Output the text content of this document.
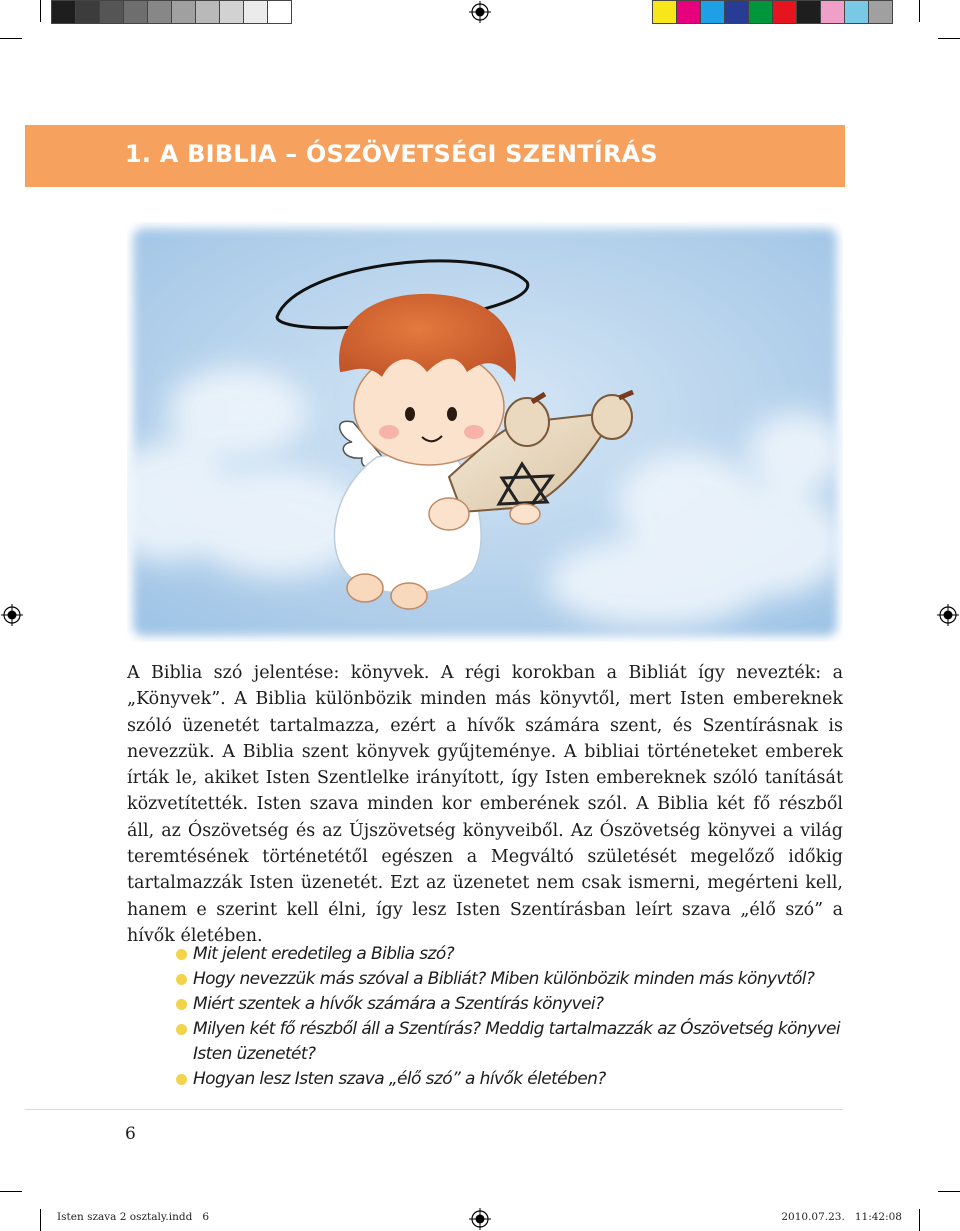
1. A BIBLIA – ÓSZÖVETSÉGI SZENTÍRÁS

A Biblia szó jelentése: könyvek. A régi korokban a Bibliát így nevezték: a „Könyvek”. A Biblia különbözik minden más könyvtől, mert Isten embereknek szóló üzenetét tartalmazza, ezért a hívők számára szent, és Szentírásnak is nevezzük. A Biblia szent könyvek gyűjteménye. A bibliai történeteket emberek írták le, akiket Isten Szentlelke irányított, így Isten embereknek szóló tanítását közvetítették. Isten szava minden kor emberének szól. A Biblia két fő részből áll, az Ószövetség és az Újszövetség könyveiből. Az Ószövetség könyvei a világ teremtésének történetétől egészen a Megváltó születését megelőző időkig tartalmazzák Isten üzenetét. Ezt az üzenetet nem csak ismerni, megérteni kell, hanem e szerint kell élni, így lesz Isten Szentírásban leírt szava „élő szó” a hívők életében.

Mit jelent eredetileg a Biblia szó?
Hogy nevezzük más szóval a Bibliát? Miben különbözik minden más könyvtől?
Miért szentek a hívők számára a Szentírás könyvei?
Milyen két fő részből áll a Szentírás? Meddig tartalmazzák az Ószövetség könyvei Isten üzenetét?
Hogyan lesz Isten szava „élő szó” a hívők életében?
6
Isten szava 2 osztaly.indd   6	2010.07.23.   11:42:08
